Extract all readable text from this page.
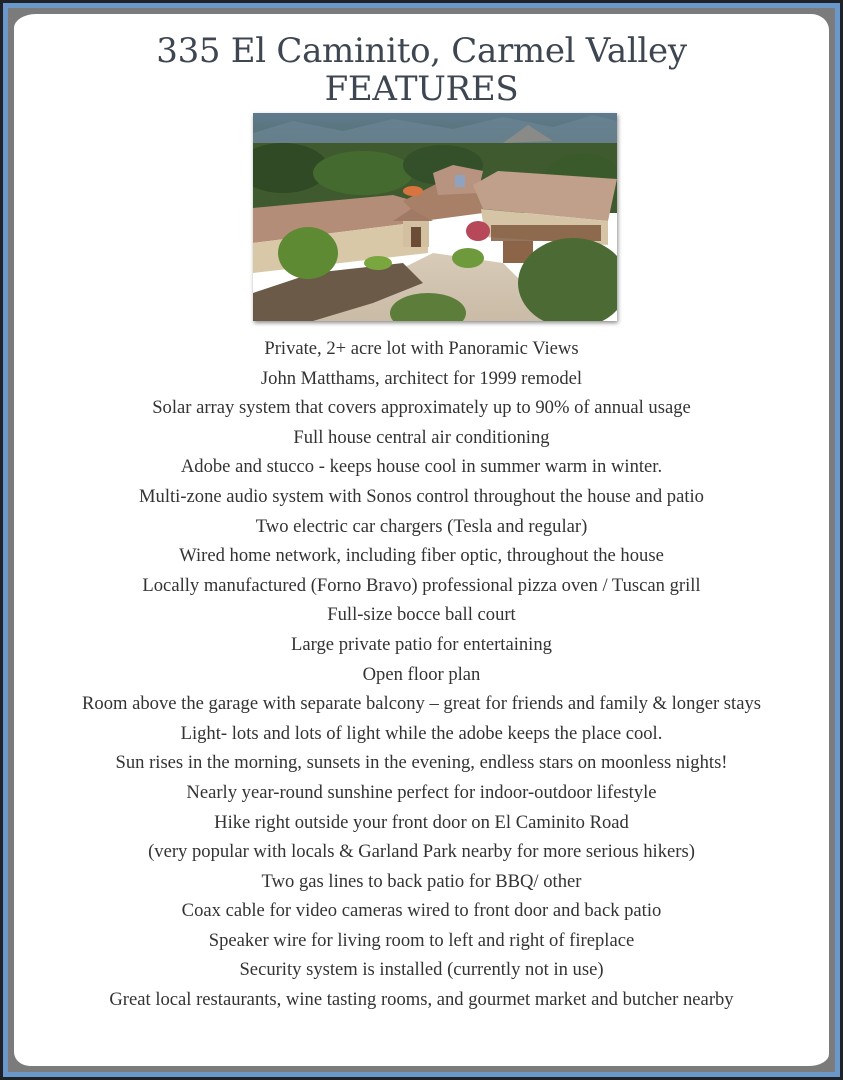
335 El Caminito, Carmel Valley
FEATURES
Private, 2+ acre lot with Panoramic Views
John Matthams, architect for 1999 remodel
Solar array system that covers approximately up to 90% of annual usage
Full house central air conditioning
Adobe and stucco - keeps house cool in summer warm in winter.
Multi-zone audio system with Sonos control throughout the house and patio
Two electric car chargers (Tesla and regular)
Wired home network, including fiber optic, throughout the house
Locally manufactured (Forno Bravo) professional pizza oven / Tuscan grill
Full-size bocce ball court
Large private patio for entertaining
Open floor plan
Room above the garage with separate balcony – great for friends and family & longer stays
Light- lots and lots of light while the adobe keeps the place cool.
Sun rises in the morning, sunsets in the evening, endless stars on moonless nights!
Nearly year-round sunshine perfect for indoor-outdoor lifestyle
Hike right outside your front door on El Caminito Road
(very popular with locals & Garland Park nearby for more serious hikers)
Two gas lines to back patio for BBQ/ other
Coax cable for video cameras wired to front door and back patio
Speaker wire for living room to left and right of fireplace
Security system is installed (currently not in use)
Great local restaurants, wine tasting rooms, and gourmet market and butcher nearby
